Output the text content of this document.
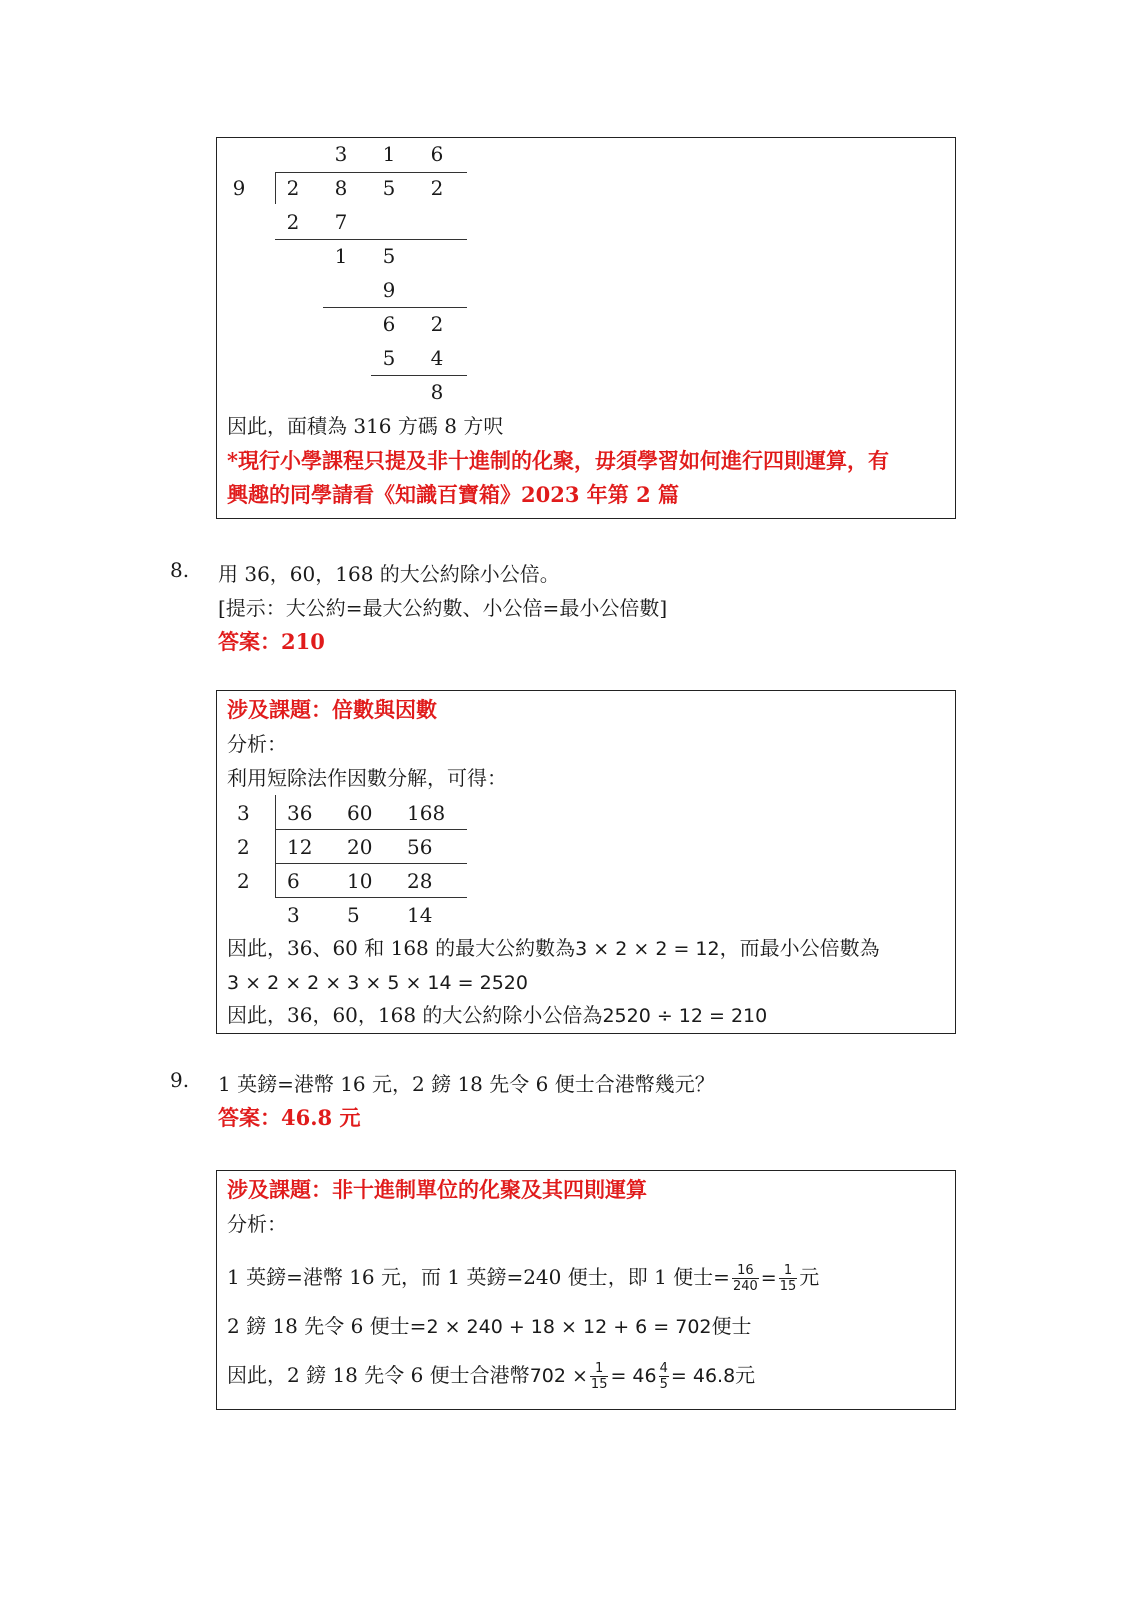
3 1 6
9 2 8 5 2
2 7
1 5
9
6 2
5 4
8
因此，面積為 316 方碼 8 方呎
*現行小學課程只提及非十進制的化聚，毋須學習如何進行四則運算，有
興趣的同學請看《知識百寶箱》2023 年第 2 篇
8. 用 36，60，168 的大公約除小公倍。
[提示：大公約=最大公約數、小公倍=最小公倍數]
答案：210
涉及課題：倍數與因數
分析：
利用短除法作因數分解，可得：
3
2
2
36 60 168
12 20 56
6 10 28
3 5 14
因此，36、60 和 168 的最大公約數為3 × 2 × 2 = 12，而最小公倍數為
3 × 2 × 2 × 3 × 5 × 14 = 2520
因此，36，60，168 的大公約除小公倍為2520 ÷ 12 = 210
9. 1 英鎊=港幣 16 元，2 鎊 18 先令 6 便士合港幣幾元？
答案：46.8 元
涉及課題：非十進制單位的化聚及其四則運算
分析：
1 英鎊=港幣 16 元，而 1 英鎊=240 便士，即 1 便士= $\frac{16}{240} = \frac{1}{15}$ 元
2 鎊 18 先令 6 便士=2 × 240 + 18 × 12 + 6 = 702便士
因此，2 鎊 18 先令 6 便士合港幣$702 \times \frac{1}{15} = 46 \frac{4}{5} = 46.8$元
